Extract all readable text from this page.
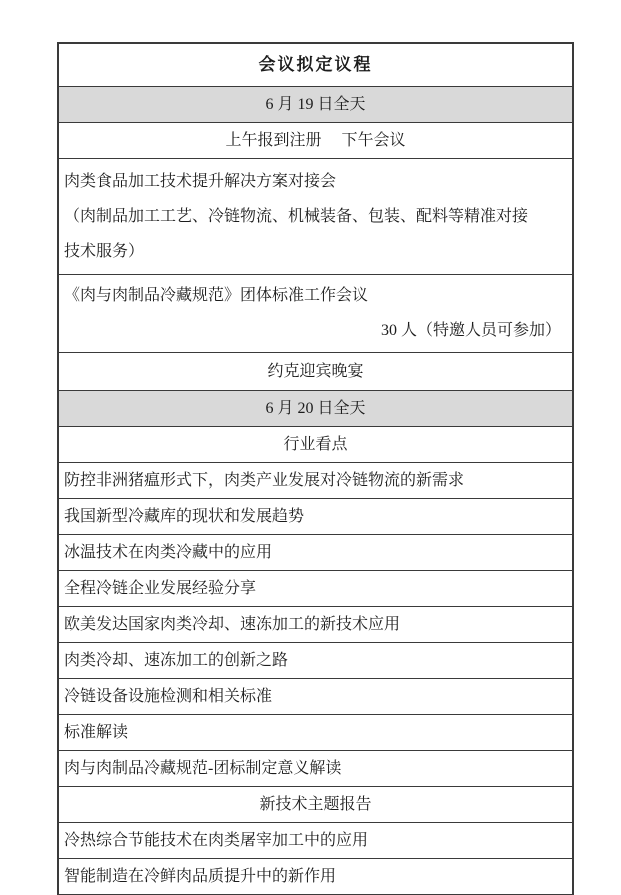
会议拟定议程

6 月 19 日全天

上午报到注册　 下午会议

肉类食品加工技术提升解决方案对接会
（肉制品加工工艺、冷链物流、机械装备、包装、配料等精准对接
技术服务）

《肉与肉制品冷藏规范》团体标准工作会议
30 人（特邀人员可参加）

约克迎宾晚宴

6 月 20 日全天

行业看点

防控非洲猪瘟形式下，肉类产业发展对冷链物流的新需求

我国新型冷藏库的现状和发展趋势

冰温技术在肉类冷藏中的应用

全程冷链企业发展经验分享

欧美发达国家肉类冷却、速冻加工的新技术应用

肉类冷却、速冻加工的创新之路

冷链设备设施检测和相关标准

标准解读

肉与肉制品冷藏规范-团标制定意义解读

新技术主题报告

冷热综合节能技术在肉类屠宰加工中的应用

智能制造在冷鲜肉品质提升中的新作用
